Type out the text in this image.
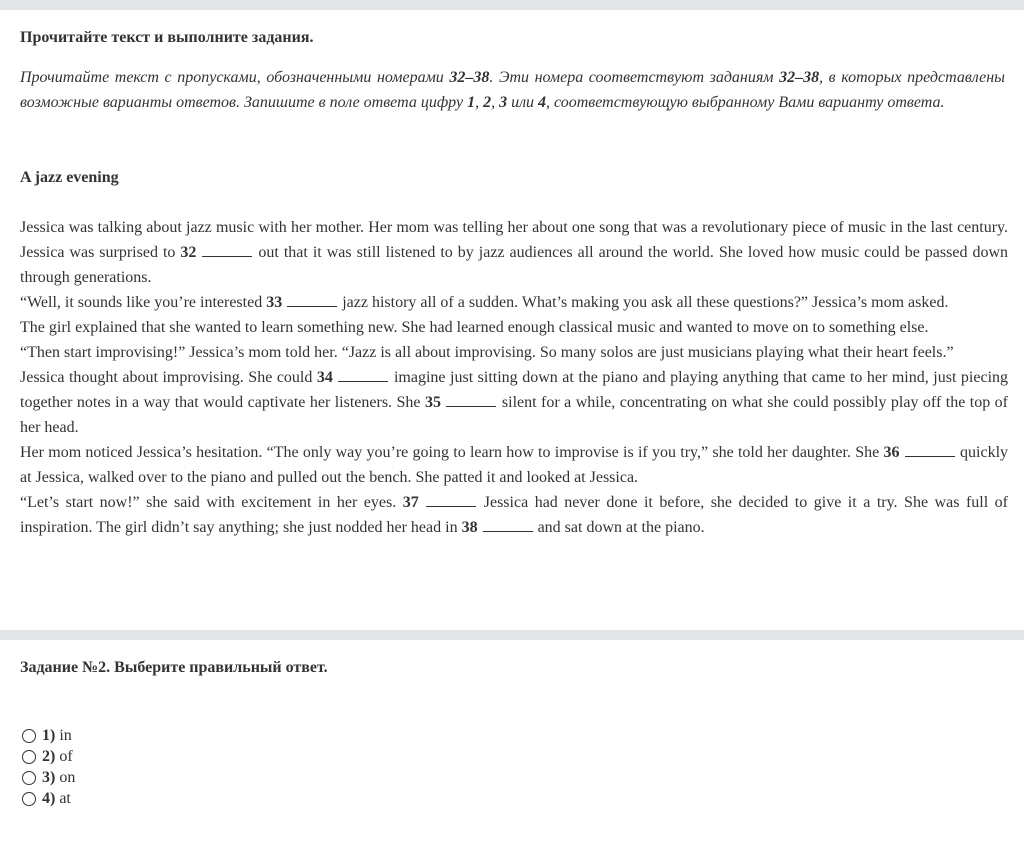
Прочитайте текст и выполните задания.
Прочитайте текст с пропусками, обозначенными номерами 32–38. Эти номера соответствуют заданиям 32–38, в которых представлены возможные варианты ответов. Запишите в поле ответа цифру 1, 2, 3 или 4, соответствующую выбранному Вами варианту ответа.
A jazz evening

Jessica was talking about jazz music with her mother. Her mom was telling her about one song that was a revolutionary piece of music in the last century. Jessica was surprised to 32	out that it was still listened to by jazz audiences all around the world. She loved how music could be passed down through generations.

“Well, it sounds like you’re interested 33	jazz history all of a sudden. What’s making you ask all these questions?” Jessica’s mom asked.

The girl explained that she wanted to learn something new. She had learned enough classical music and wanted to move on to something else.

“Then start improvising!” Jessica’s mom told her. “Jazz is all about improvising. So many solos are just musicians playing what their heart feels.”

Jessica thought about improvising. She could 34	imagine just sitting down at the piano and playing anything that came to her mind, just piecing together notes in a way that would captivate her listeners. She 35	silent for a while, concentrating on what she could possibly play off the top of her head.

Her mom noticed Jessica’s hesitation. “The only way you’re going to learn how to improvise is if you try,” she told her daughter. She 36	quickly at Jessica, walked over to the piano and pulled out the bench. She patted it and looked at Jessica.

“Let’s start now!” she said with excitement in her eyes. 37	Jessica had never done it before, she decided to give it a try. She was full of inspiration. The girl didn’t say anything; she just nodded her head in 38	and sat down at the piano.

Задание №2. Выберите правильный ответ.
1) in
2) of
3) on
4) at
